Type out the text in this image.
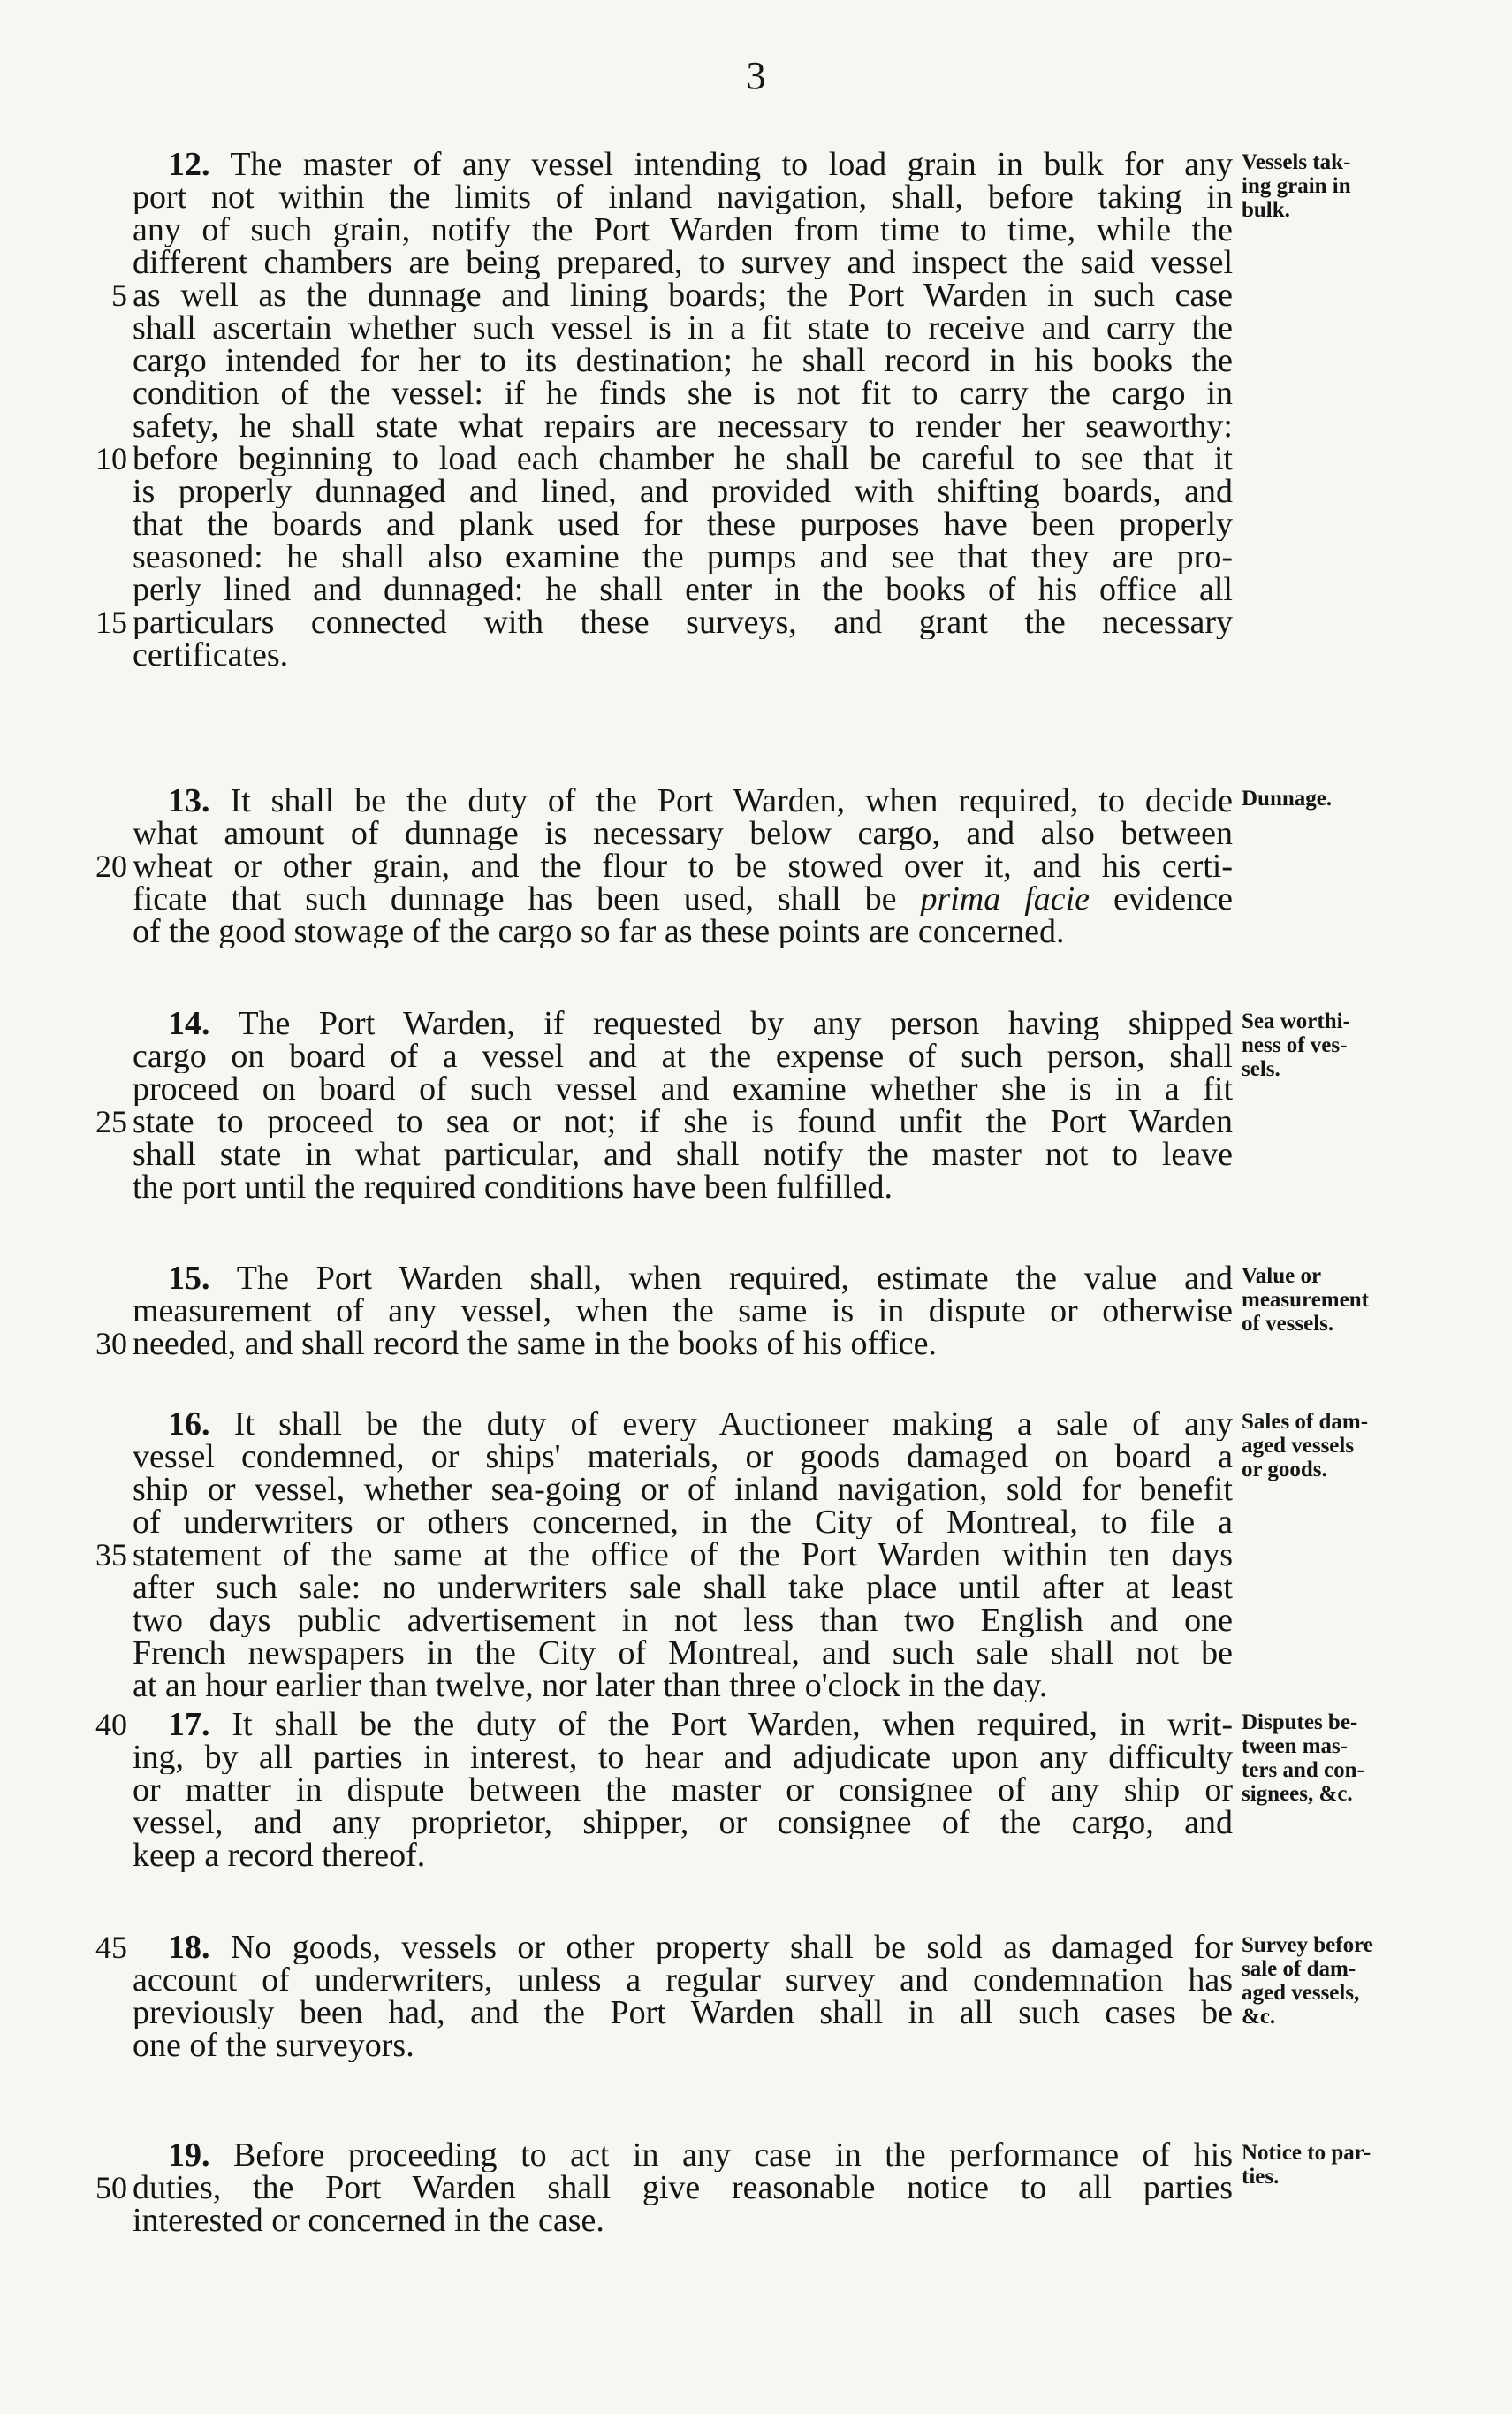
3
12. The master of any vessel intending to load grain in bulk for any
port not within the limits of inland navigation, shall, before taking in
any of such grain, notify the Port Warden from time to time, while the
different chambers are being prepared, to survey and inspect the said vessel
as well as the dunnage and lining boards; the Port Warden in such case
shall ascertain whether such vessel is in a fit state to receive and carry the
cargo intended for her to its destination; he shall record in his books the
condition of the vessel: if he finds she is not fit to carry the cargo in
safety, he shall state what repairs are necessary to render her seaworthy:
before beginning to load each chamber he shall be careful to see that it
is properly dunnaged and lined, and provided with shifting boards, and
that the boards and plank used for these purposes have been properly
seasoned: he shall also examine the pumps and see that they are pro-
perly lined and dunnaged: he shall enter in the books of his office all
particulars connected with these surveys, and grant the necessary
certificates.
5
10
15
Vessels tak-
ing grain in
bulk.
13. It shall be the duty of the Port Warden, when required, to decide
what amount of dunnage is necessary below cargo, and also between
wheat or other grain, and the flour to be stowed over it, and his certi-
ficate that such dunnage has been used, shall be prima facie evidence
of the good stowage of the cargo so far as these points are concerned.
20
Dunnage.
14. The Port Warden, if requested by any person having shipped
cargo on board of a vessel and at the expense of such person, shall
proceed on board of such vessel and examine whether she is in a fit
state to proceed to sea or not; if she is found unfit the Port Warden
shall state in what particular, and shall notify the master not to leave
the port until the required conditions have been fulfilled.
25
Sea worthi-
ness of ves-
sels.
15. The Port Warden shall, when required, estimate the value and
measurement of any vessel, when the same is in dispute or otherwise
needed, and shall record the same in the books of his office.
30
Value or
measurement
of vessels.
16. It shall be the duty of every Auctioneer making a sale of any
vessel condemned, or ships' materials, or goods damaged on board a
ship or vessel, whether sea-going or of inland navigation, sold for benefit
of underwriters or others concerned, in the City of Montreal, to file a
statement of the same at the office of the Port Warden within ten days
after such sale: no underwriters sale shall take place until after at least
two days public advertisement in not less than two English and one
French newspapers in the City of Montreal, and such sale shall not be
at an hour earlier than twelve, nor later than three o'clock in the day.
35
Sales of dam-
aged vessels
or goods.
17. It shall be the duty of the Port Warden, when required, in writ-
ing, by all parties in interest, to hear and adjudicate upon any difficulty
or matter in dispute between the master or consignee of any ship or
vessel, and any proprietor, shipper, or consignee of the cargo, and
keep a record thereof.
40	Disputes be-
tween mas-
ters and con-
signees, &c.
18. No goods, vessels or other property shall be sold as damaged for
account of underwriters, unless a regular survey and condemnation has
previously been had, and the Port Warden shall in all such cases be
one of the surveyors.
45	Survey before
sale of dam-
aged vessels,
&c.
19. Before proceeding to act in any case in the performance of his
duties, the Port Warden shall give reasonable notice to all parties
interested or concerned in the case.
50
Notice to par-
ties.
